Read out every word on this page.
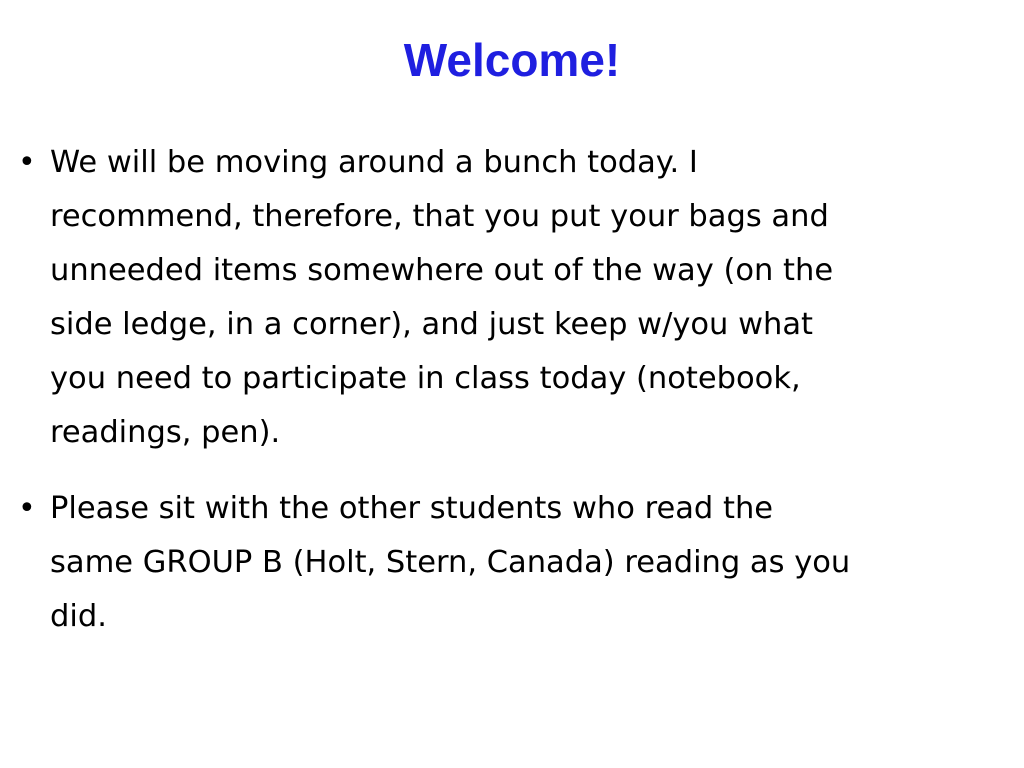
Welcome!
• We will be moving around a bunch today. I
recommend, therefore, that you put your bags and
unneeded items somewhere out of the way (on the
side ledge, in a corner), and just keep w/you what
you need to participate in class today (notebook,
readings, pen).
• Please sit with the other students who read the
same GROUP B (Holt, Stern, Canada) reading as you
did.
